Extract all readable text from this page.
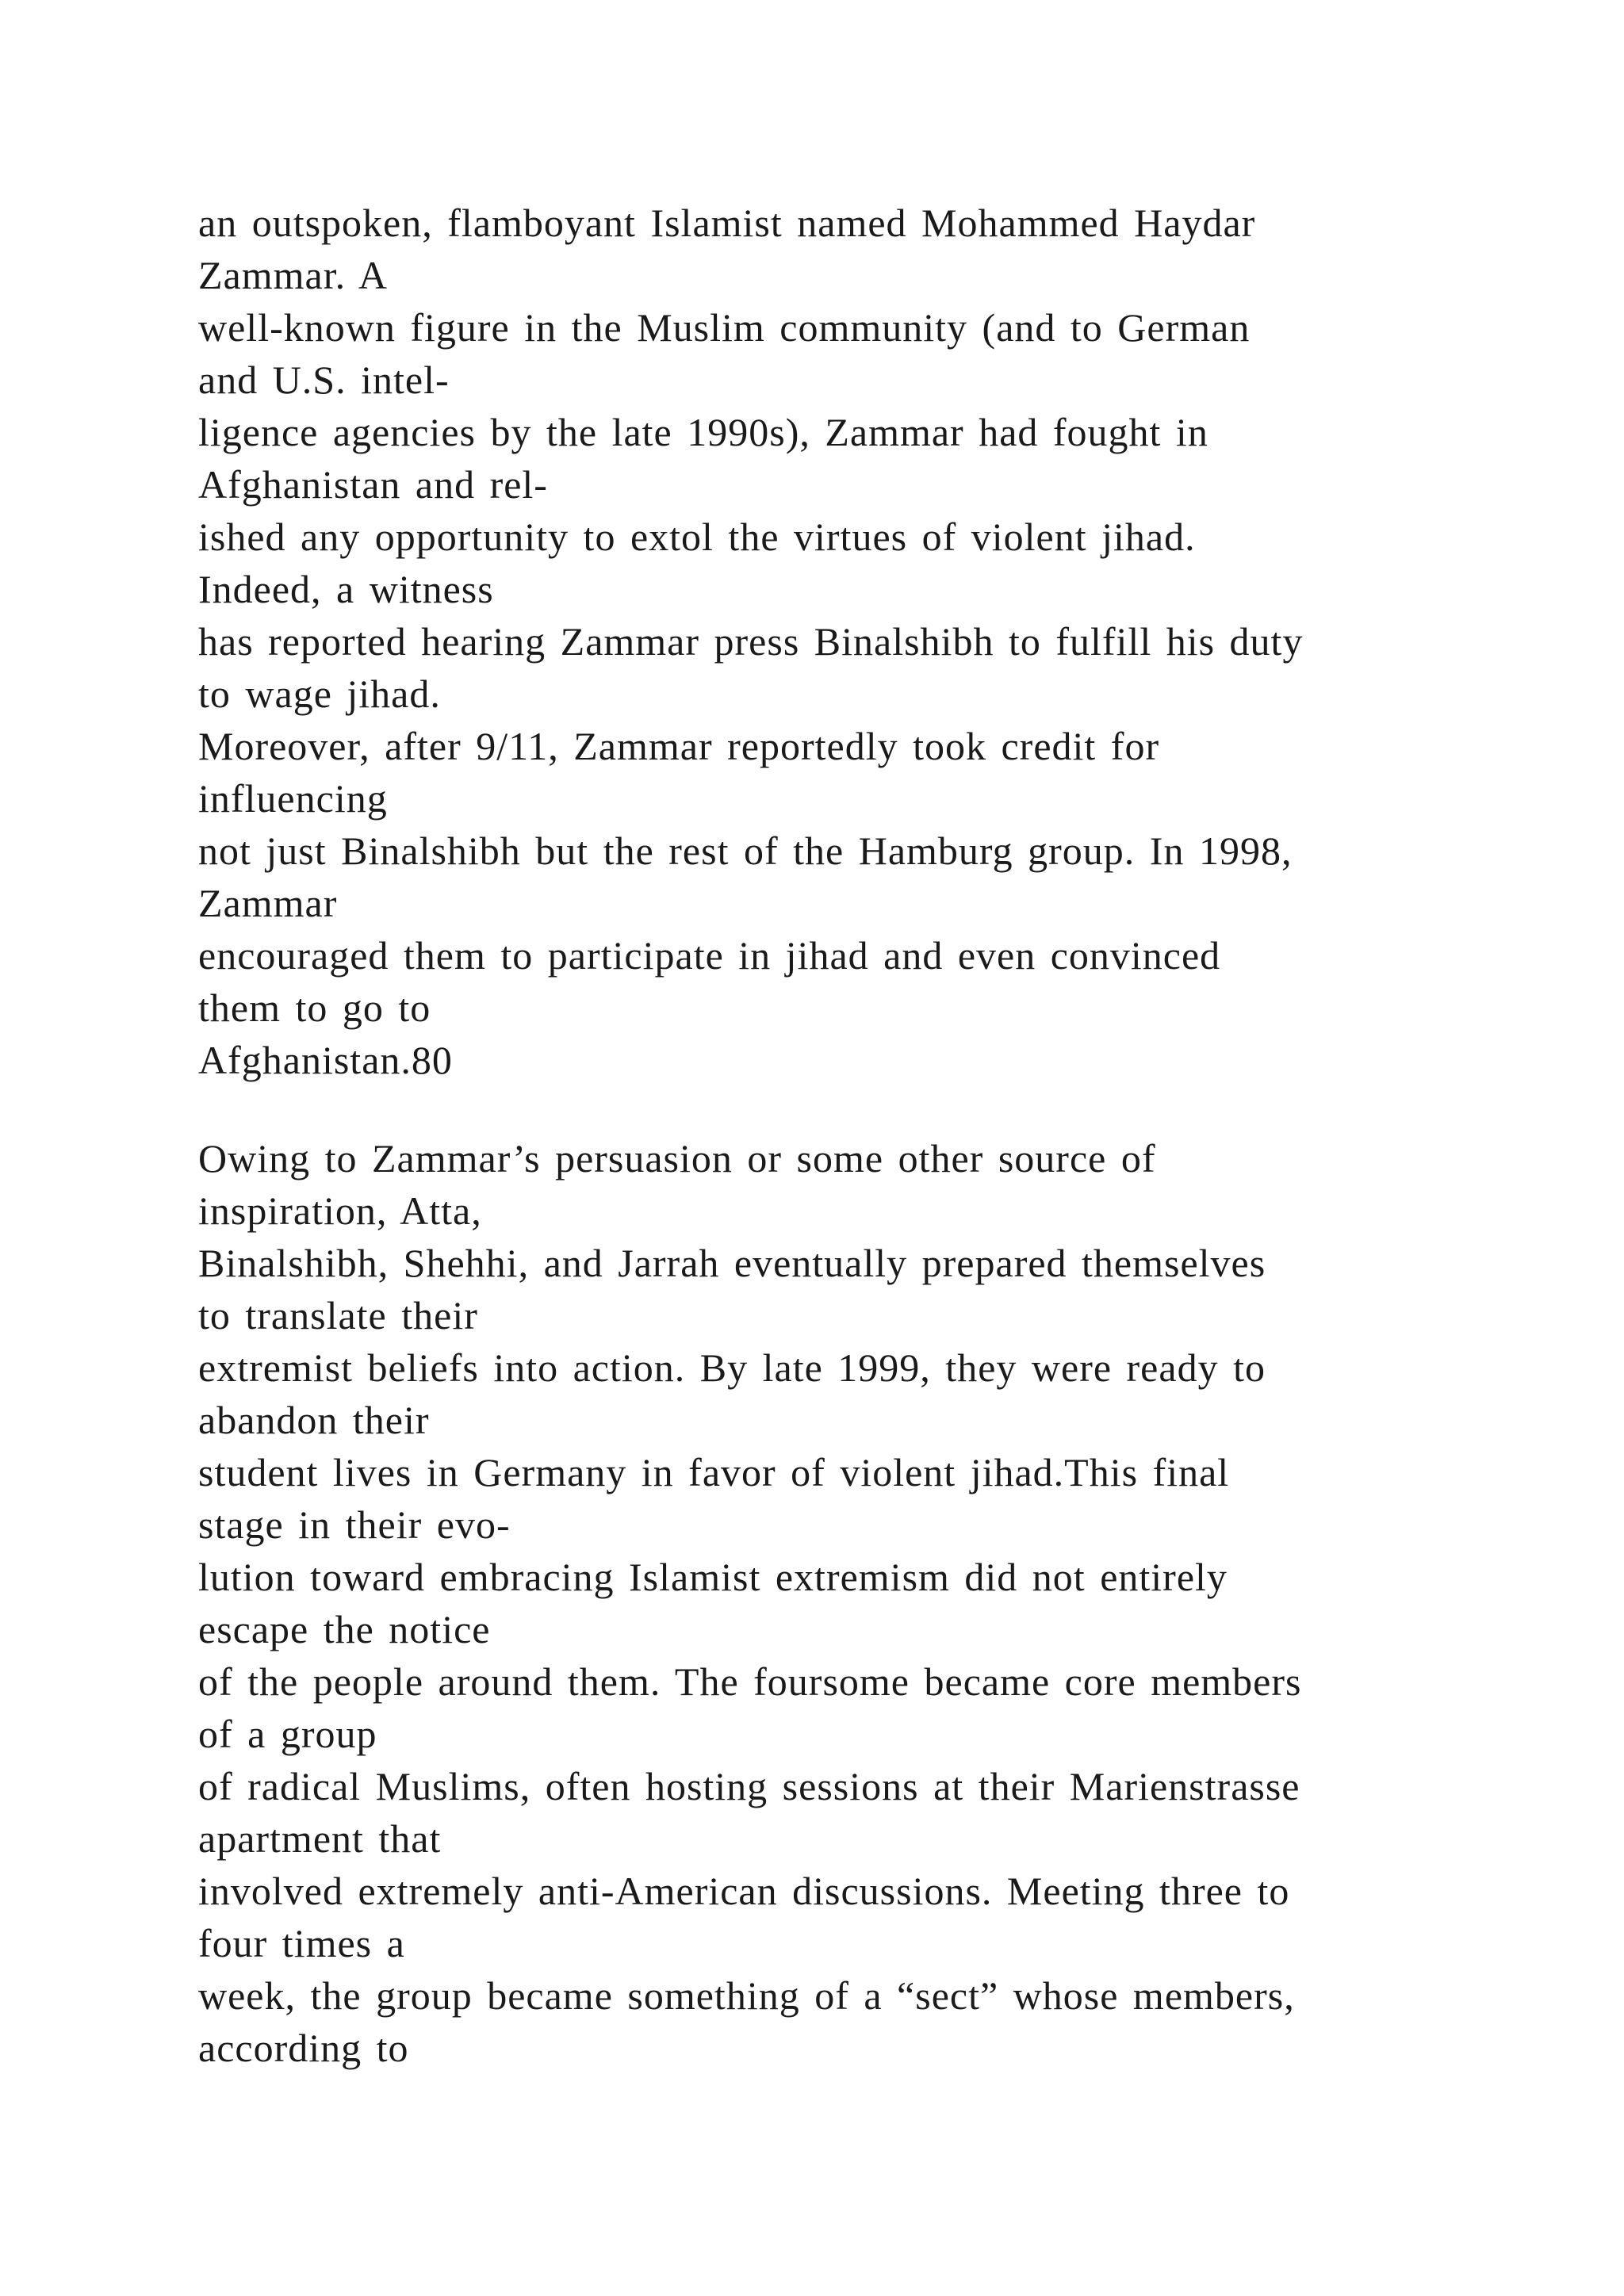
an outspoken, flamboyant Islamist named Mohammed Haydar
Zammar. A
well-known figure in the Muslim community (and to German
and U.S. intel-
ligence agencies by the late 1990s), Zammar had fought in
Afghanistan and rel-
ished any opportunity to extol the virtues of violent jihad.
Indeed, a witness
has reported hearing Zammar press Binalshibh to fulfill his duty
to wage jihad.
Moreover, after 9/11, Zammar reportedly took credit for
influencing
not just Binalshibh but the rest of the Hamburg group. In 1998,
Zammar
encouraged them to participate in jihad and even convinced
them to go to
Afghanistan.80
Owing to Zammar’s persuasion or some other source of
inspiration, Atta,
Binalshibh, Shehhi, and Jarrah eventually prepared themselves
to translate their
extremist beliefs into action. By late 1999, they were ready to
abandon their
student lives in Germany in favor of violent jihad.This final
stage in their evo-
lution toward embracing Islamist extremism did not entirely
escape the notice
of the people around them. The foursome became core members
of a group
of radical Muslims, often hosting sessions at their Marienstrasse
apartment that
involved extremely anti-American discussions. Meeting three to
four times a
week, the group became something of a “sect” whose members,
according to
